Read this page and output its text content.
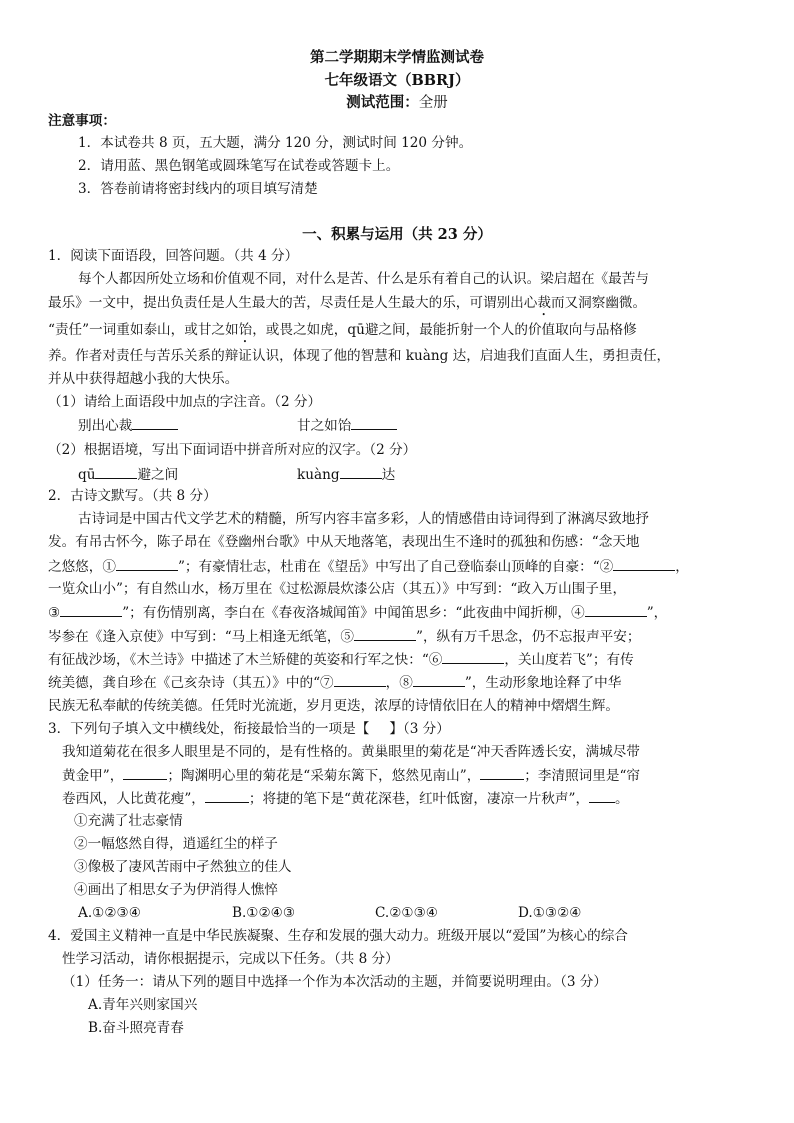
第二学期期末学情监测试卷
七年级语文（BBRJ）
测试范围：全册
注意事项：
1．本试卷共 8 页，五大题，满分 120 分，测试时间 120 分钟。
2．请用蓝、黑色钢笔或圆珠笔写在试卷或答题卡上。
3．答卷前请将密封线内的项目填写清楚
一、积累与运用（共 23 分）
1．阅读下面语段，回答问题。（共 4 分）
每个人都因所处立场和价值观不同，对什么是苦、什么是乐有着自己的认识。梁启超在《最苦与
最乐》一文中，提出负责任是人生最大的苦，尽责任是人生最大的乐，可谓别出心裁而又洞察幽微。
“责任”一词重如泰山，或甘之如饴，或畏之如虎，qū避之间，最能折射一个人的价值取向与品格修
养。作者对责任与苦乐关系的辩证认识，体现了他的智慧和 kuàng 达，启迪我们直面人生，勇担责任，
并从中获得超越小我的大快乐。
（1）请给上面语段中加点的字注音。（2 分）
别出心裁	甘之如饴
（2）根据语境，写出下面词语中拼音所对应的汉字。（2 分）
qū	避之间	kuàng	达
2．古诗文默写。（共 8 分）
古诗词是中国古代文学艺术的精髓，所写内容丰富多彩，人的情感借由诗词得到了淋漓尽致地抒
发。有吊古怀今，陈子昂在《登幽州台歌》中从天地落笔，表现出生不逢时的孤独和伤感：“念天地
之悠悠，①	”；有豪情壮志，杜甫在《望岳》中写出了自己登临泰山顶峰的自豪：“②	，
一览众山小”；有自然山水，杨万里在《过松源晨炊漆公店（其五）》中写到：“政入万山围子里，
③	”；有伤情别离，李白在《春夜洛城闻笛》中闻笛思乡：“此夜曲中闻折柳，④	”，
岑参在《逢入京使》中写到：“马上相逢无纸笔，⑤	”，纵有万千思念，仍不忘报声平安；
有征战沙场，《木兰诗》中描述了木兰矫健的英姿和行军之快：“⑥	，关山度若飞”；有传
统美德，龚自珍在《己亥杂诗（其五）》中的“⑦	，⑧	”，生动形象地诠释了中华
民族无私奉献的传统美德。任凭时光流逝，岁月更迭，浓厚的诗情依旧在人的精神中熠熠生辉。
3．下列句子填入文中横线处，衔接最恰当的一项是【 】（3 分）
我知道菊花在很多人眼里是不同的，是有性格的。黄巢眼里的菊花是“冲天香阵透长安，满城尽带
黄金甲”，	；陶渊明心里的菊花是“采菊东篱下，悠然见南山”，	；李清照词里是“帘
卷西风，人比黄花瘦”，	；将捷的笔下是“黄花深巷，红叶低窗，凄凉一片秋声”， 。
①充满了壮志豪情
②一幅悠然自得，逍遥红尘的样子
③像极了凄风苦雨中孑然独立的佳人
④画出了相思女子为伊消得人憔悴
A.①②③④	B.①②④③	C.②①③④	D.①③②④
4．爱国主义精神一直是中华民族凝聚、生存和发展的强大动力。班级开展以“爱国”为核心的综合
性学习活动，请你根据提示，完成以下任务。（共 8 分）
（1）任务一：请从下列的题目中选择一个作为本次活动的主题，并简要说明理由。（3 分）
A.青年兴则家国兴
B.奋斗照亮青春
